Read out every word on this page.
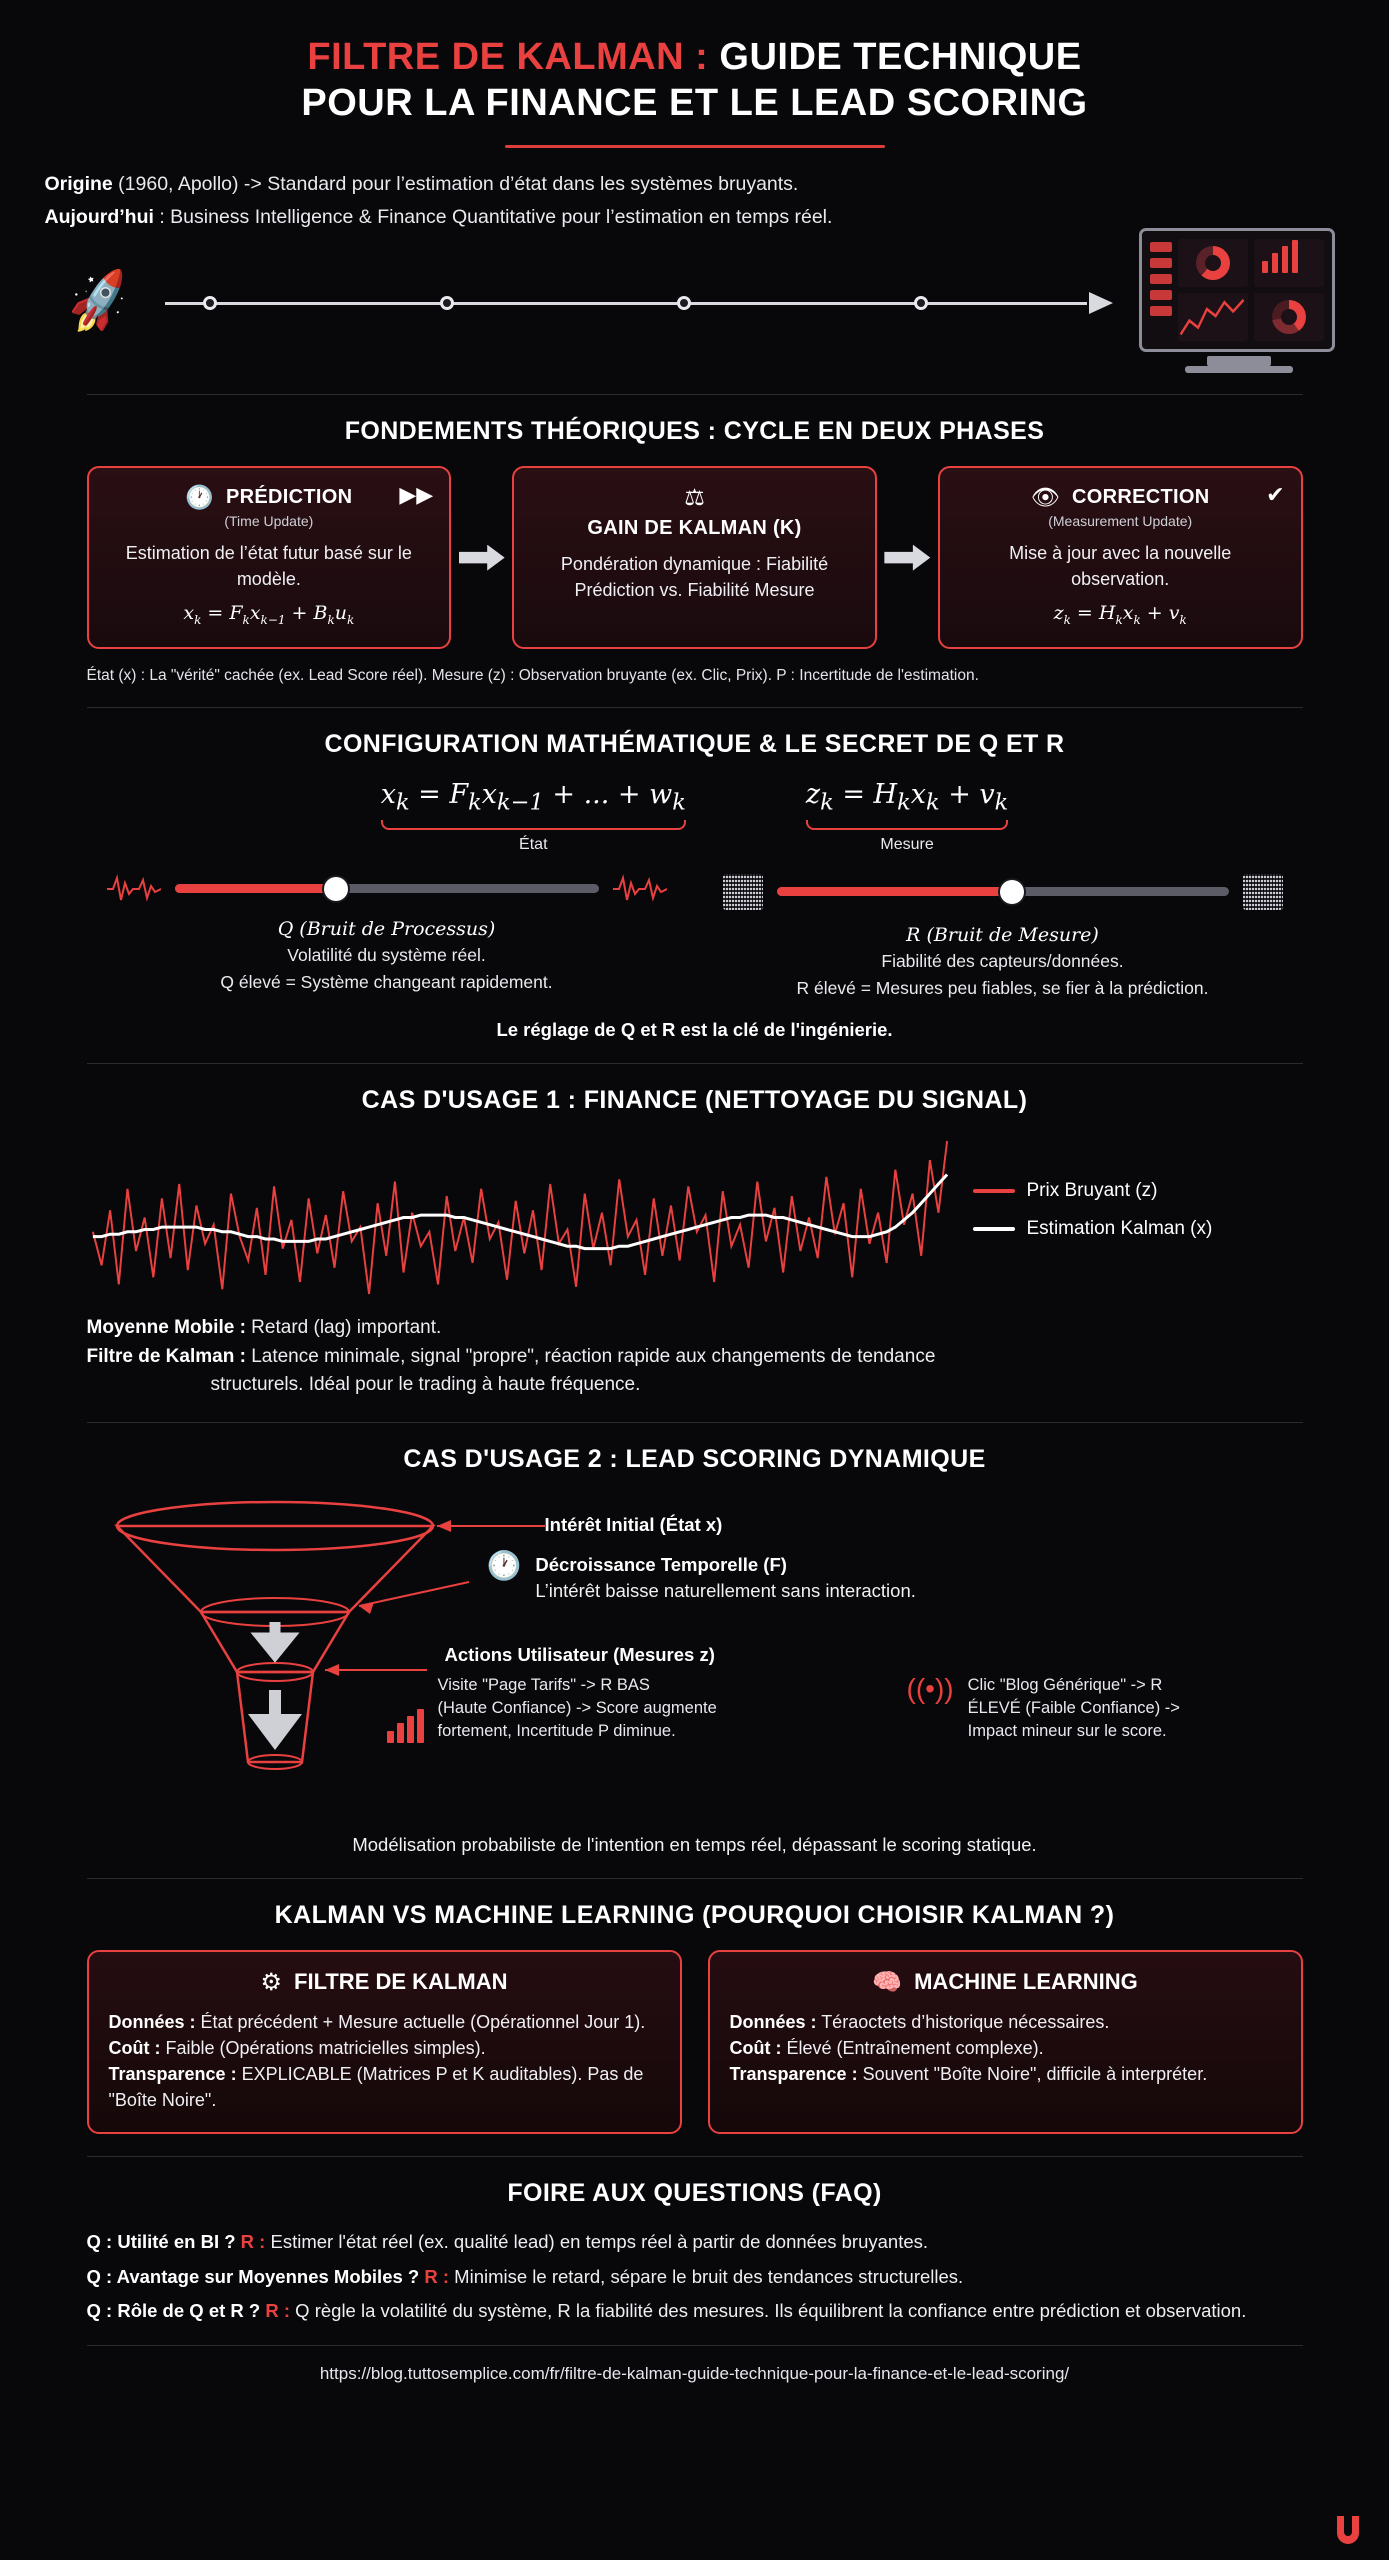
FILTRE DE KALMAN : GUIDE TECHNIQUE
POUR LA FINANCE ET LE LEAD SCORING

Origine (1960, Apollo) -> Standard pour l’estimation d’état dans les systèmes bruyants.

Aujourd’hui : Business Intelligence & Finance Quantitative pour l’estimation en temps réel.

🚀
FONDEMENTS THÉORIQUES : CYCLE EN DEUX PHASES
▶▶
🕐 PRÉDICTION
(Time Update)
Estimation de l’état futur basé sur le modèle.
$x_k = F_kx_{k-1} + B_ku_k$
⚖
GAIN DE KALMAN (K)
Pondération dynamique : Fiabilité Prédiction vs. Fiabilité Mesure
✔
👁 CORRECTION
(Measurement Update)
Mise à jour avec la nouvelle observation.
$z_k = H_kx_k + v_k$
État (x) : La "vérité" cachée (ex. Lead Score réel). Mesure (z) : Observation bruyante (ex. Clic, Prix). P : Incertitude de l'estimation.
CONFIGURATION MATHÉMATIQUE & LE SECRET DE Q ET R
$x_k = F_kx_{k-1}$ + ... + $w_k$
État
$z_k = H_kx_k + v_k$
Mesure
Q (Bruit de Processus)
Volatilité du système réel.
Q élevé = Système changeant rapidement.
R (Bruit de Mesure)
Fiabilité des capteurs/données.
R élevé = Mesures peu fiables, se fier à la prédiction.
Le réglage de Q et R est la clé de l'ingénierie.
CAS D'USAGE 1 : FINANCE (NETTOYAGE DU SIGNAL)
Prix Bruyant (z)
Estimation Kalman (x)
Moyenne Mobile : Retard (lag) important.
Filtre de Kalman : Latence minimale, signal "propre", réaction rapide aux changements de tendance
structurels. Idéal pour le trading à haute fréquence.
CAS D'USAGE 2 : LEAD SCORING DYNAMIQUE
Intérêt Initial (État x)
🕐 Décroissance Temporelle (F)
L’intérêt baisse naturellement sans interaction.
Actions Utilisateur (Mesures z)
Visite "Page Tarifs" -> R BAS
(Haute Confiance) -> Score augmente
fortement, Incertitude P diminue.
((•)) Clic "Blog Générique" -> R
ÉLEVÉ (Faible Confiance) ->
Impact mineur sur le score.
Modélisation probabiliste de l'intention en temps réel, dépassant le scoring statique.
KALMAN VS MACHINE LEARNING (POURQUOI CHOISIR KALMAN ?)
⚙ FILTRE DE KALMAN
Données : État précédent + Mesure actuelle (Opérationnel Jour 1).
Coût : Faible (Opérations matricielles simples).
Transparence : EXPLICABLE (Matrices P et K auditables). Pas de "Boîte Noire".
🧠 MACHINE LEARNING
Données : Téraoctets d’historique nécessaires.
Coût : Élevé (Entraînement complexe).
Transparence : Souvent "Boîte Noire", difficile à interpréter.
FOIRE AUX QUESTIONS (FAQ)
Q : Utilité en BI ? R : Estimer l'état réel (ex. qualité lead) en temps réel à partir de données bruyantes.
Q : Avantage sur Moyennes Mobiles ? R : Minimise le retard, sépare le bruit des tendances structurelles.
Q : Rôle de Q et R ? R : Q règle la volatilité du système, R la fiabilité des mesures. Ils équilibrent la confiance entre prédiction et observation.
https://blog.tuttosemplice.com/fr/filtre-de-kalman-guide-technique-pour-la-finance-et-le-lead-scoring/
